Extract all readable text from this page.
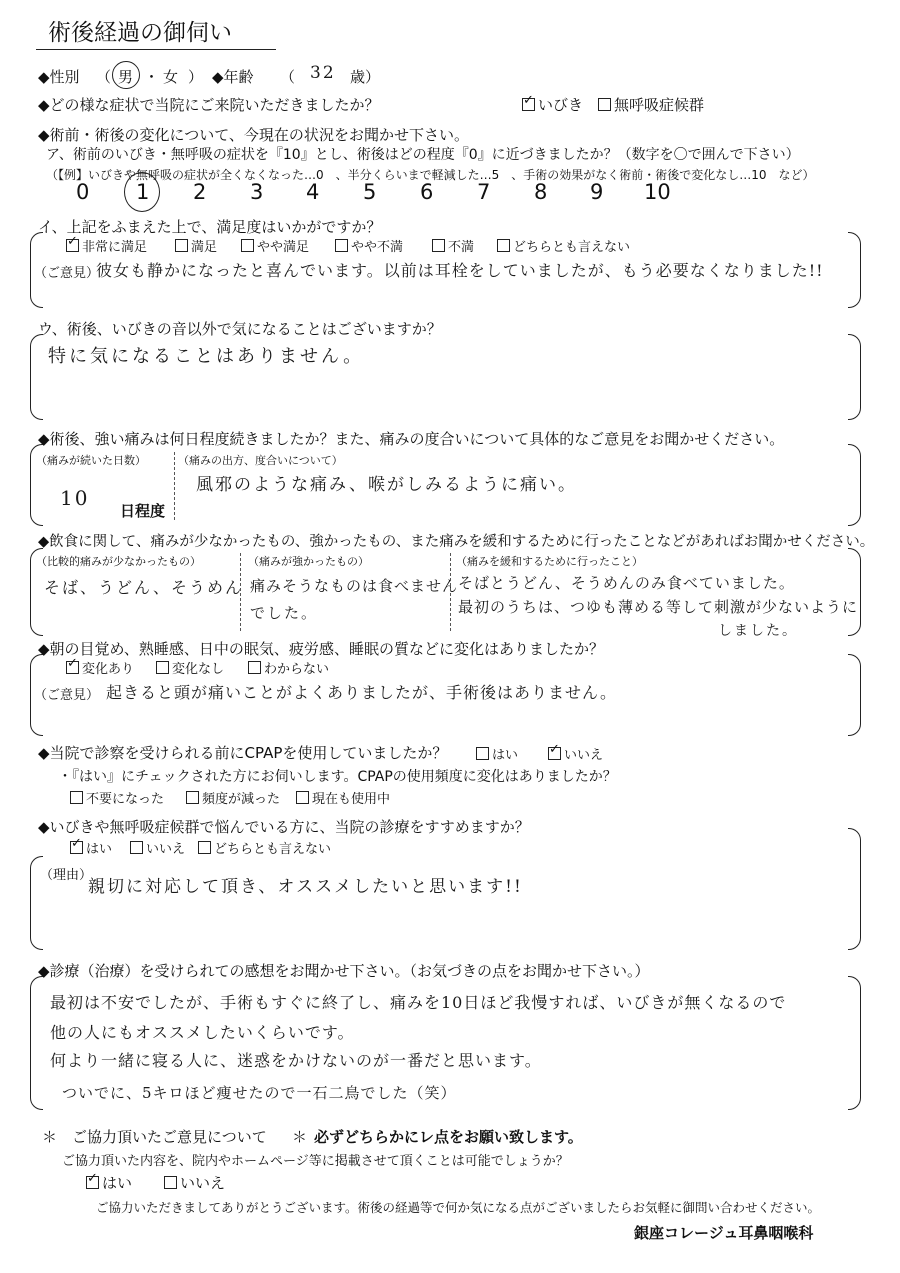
術後経過の御伺い
◆性別 （ 男 ・ 女 ） ◆年齢 （ 32 歳）
◆どの様な症状で当院にご来院いただきましたか？ ✓	いびき	無呼吸症候群
◆術前・術後の変化について、今現在の状況をお聞かせ下さい。
ア、術前のいびき・無呼吸の症状を『10』とし、術後はどの程度『0』に近づきましたか？（数字を〇で囲んで下さい）
（【例】いびきや無呼吸の症状が全くなくなった…0　、半分くらいまで軽減した…5　、手術の効果がなく術前・術後で変化なし…10　など）
0 1 2 3 4 5 6 7 8 9 10
イ、上記をふまえた上で、満足度はいかがですか？
✓非常に満足	満足	やや満足	やや不満	不満	どちらとも言えない
（ご意見）
彼女も静かになったと喜んでいます。以前は耳栓をしていましたが、もう必要なくなりました!!
ウ、術後、いびきの音以外で気になることはございますか？
特に気になることはありません。
◆術後、強い痛みは何日程度続きましたか？また、痛みの度合いについて具体的なご意見をお聞かせください。
（痛みが続いた日数）
10
日程度
（痛みの出方、度合いについて）
風邪のような痛み、喉がしみるように痛い。
◆飲食に関して、痛みが少なかったもの、強かったもの、また痛みを緩和するために行ったことなどがあればお聞かせください。
（比較的痛みが少なかったもの）
そば、うどん、そうめん
（痛みが強かったもの）
痛みそうなものは食べません
でした。
（痛みを緩和するために行ったこと）
そばとうどん、そうめんのみ食べていました。
最初のうちは、つゆも薄める等して刺激が少ないように
しました。
◆朝の目覚め、熟睡感、日中の眠気、疲労感、睡眠の質などに変化はありましたか？
✓変化あり	変化なし	わからない
（ご意見） 起きると頭が痛いことがよくありましたが、手術後はありません。
◆当院で診察を受けられる前にCPAPを使用していましたか？	はい ✓	いいえ
・『はい』にチェックされた方にお伺いします。CPAPの使用頻度に変化はありましたか？
不要になった	頻度が減った	現在も使用中
◆いびきや無呼吸症候群で悩んでいる方に、当院の診療をすすめますか？
✓はい	いいえ	どちらとも言えない
（理由）
親切に対応して頂き、オススメしたいと思います!!
◆診療（治療）を受けられての感想をお聞かせ下さい。（お気づきの点をお聞かせ下さい。）
最初は不安でしたが、手術もすぐに終了し、痛みを10日ほど我慢すれば、いびきが無くなるので
他の人にもオススメしたいくらいです。
何より一緒に寝る人に、迷惑をかけないのが一番だと思います。
ついでに、5キロほど痩せたので一石二鳥でした（笑）
＊　ご協力頂いたご意見について ＊ 必ずどちらかにレ点をお願い致します。
ご協力頂いた内容を、院内やホームページ等に掲載させて頂くことは可能でしょうか？
✓はい	いいえ
ご協力いただきましてありがとうございます。術後の経過等で何か気になる点がございましたらお気軽に御問い合わせください。
銀座コレージュ耳鼻咽喉科
